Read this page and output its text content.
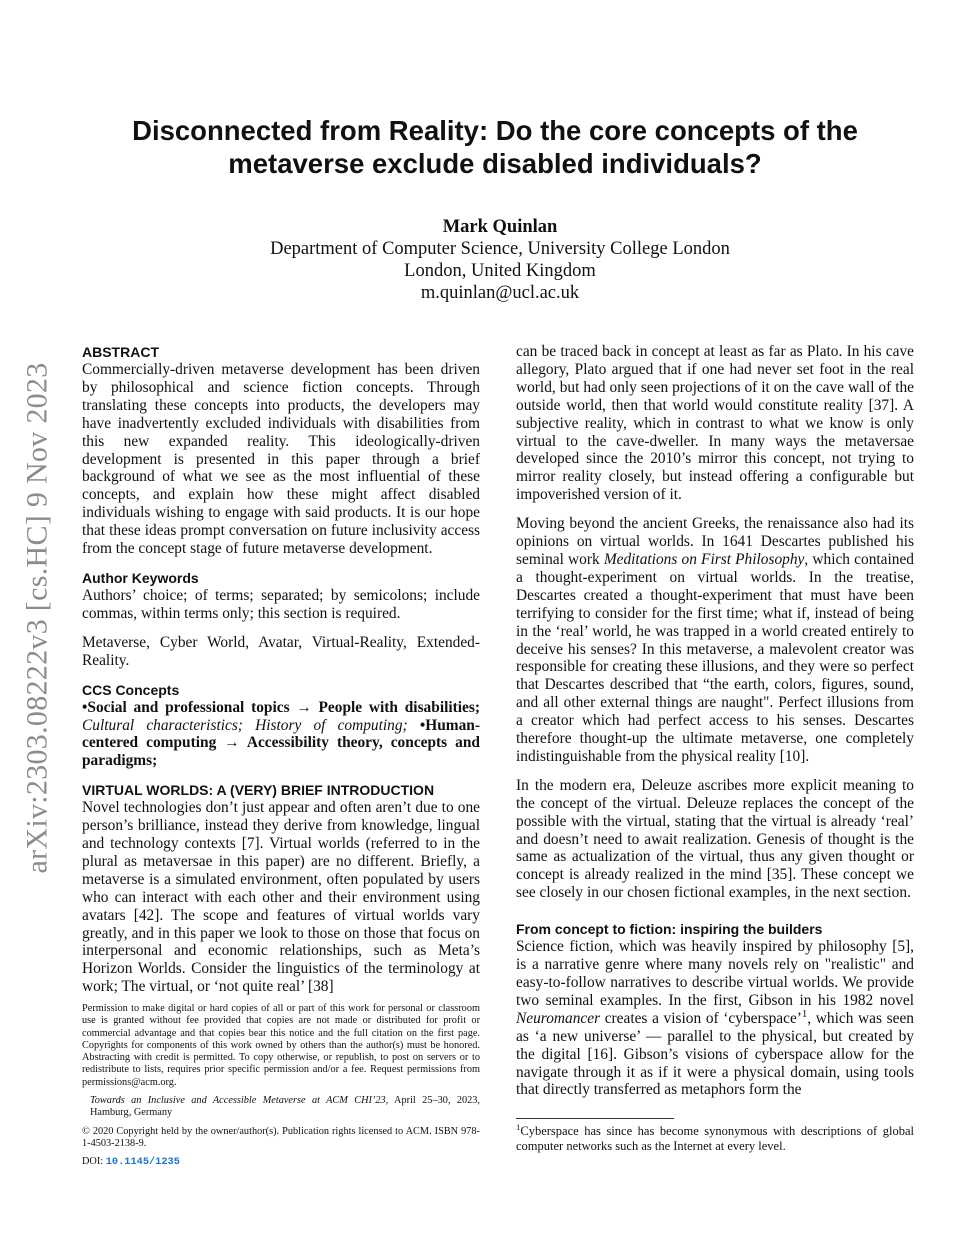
arXiv:2303.08222v3 [cs.HC] 9 Nov 2023
Disconnected from Reality: Do the core concepts of the metaverse exclude disabled individuals?
Mark Quinlan
Department of Computer Science, University College London
London, United Kingdom
m.quinlan@ucl.ac.uk
ABSTRACT

Commercially-driven metaverse development has been driven by philosophical and science fiction concepts. Through translating these concepts into products, the developers may have inadvertently excluded individuals with disabilities from this new expanded reality. This ideologically-driven development is presented in this paper through a brief background of what we see as the most influential of these concepts, and explain how these might affect disabled individuals wishing to engage with said products. It is our hope that these ideas prompt conversation on future inclusivity access from the concept stage of future metaverse development.

Author Keywords

Authors’ choice; of terms; separated; by semicolons; include commas, within terms only; this section is required.

Metaverse, Cyber World, Avatar, Virtual-Reality, Extended-Reality.

CCS Concepts

•Social and professional topics → People with disabilities; Cultural characteristics; History of computing; •Human-centered computing → Accessibility theory, concepts and paradigms;

VIRTUAL WORLDS: A (VERY) BRIEF INTRODUCTION

Novel technologies don’t just appear and often aren’t due to one person’s brilliance, instead they derive from knowledge, lingual and technology contexts [7]. Virtual worlds (referred to in the plural as metaversae in this paper) are no different. Briefly, a metaverse is a simulated environment, often populated by users who can interact with each other and their environment using avatars [42]. The scope and features of virtual worlds vary greatly, and in this paper we look to those on those that focus on interpersonal and economic relationships, such as Meta’s Horizon Worlds. Consider the linguistics of the terminology at work; The virtual, or ‘not quite real’ [38]

Permission to make digital or hard copies of all or part of this work for personal or classroom use is granted without fee provided that copies are not made or distributed for profit or commercial advantage and that copies bear this notice and the full citation on the first page. Copyrights for components of this work owned by others than the author(s) must be honored. Abstracting with credit is permitted. To copy otherwise, or republish, to post on servers or to redistribute to lists, requires prior specific permission and/or a fee. Request permissions from permissions@acm.org.

Towards an Inclusive and Accessible Metaverse at ACM CHI’23, April 25–30, 2023, Hamburg, Germany

© 2020 Copyright held by the owner/author(s). Publication rights licensed to ACM. ISBN 978-1-4503-2138-9.

DOI: 10.1145/1235

can be traced back in concept at least as far as Plato. In his cave allegory, Plato argued that if one had never set foot in the real world, but had only seen projections of it on the cave wall of the outside world, then that world would constitute reality [37]. A subjective reality, which in contrast to what we know is only virtual to the cave-dweller. In many ways the metaversae developed since the 2010’s mirror this concept, not trying to mirror reality closely, but instead offering a configurable but impoverished version of it.

Moving beyond the ancient Greeks, the renaissance also had its opinions on virtual worlds. In 1641 Descartes published his seminal work Meditations on First Philosophy, which contained a thought-experiment on virtual worlds. In the treatise, Descartes created a thought-experiment that must have been terrifying to consider for the first time; what if, instead of being in the ‘real’ world, he was trapped in a world created entirely to deceive his senses? In this metaverse, a malevolent creator was responsible for creating these illusions, and they were so perfect that Descartes described that “the earth, colors, figures, sound, and all other external things are naught". Perfect illusions from a creator which had perfect access to his senses. Descartes therefore thought-up the ultimate metaverse, one completely indistinguishable from the physical reality [10].

In the modern era, Deleuze ascribes more explicit meaning to the concept of the virtual. Deleuze replaces the concept of the possible with the virtual, stating that the virtual is already ‘real’ and doesn’t need to await realization. Genesis of thought is the same as actualization of the virtual, thus any given thought or concept is already realized in the mind [35]. These concept we see closely in our chosen fictional examples, in the next section.

From concept to fiction: inspiring the builders

Science fiction, which was heavily inspired by philosophy [5], is a narrative genre where many novels rely on "realistic" and easy-to-follow narratives to describe virtual worlds. We provide two seminal examples. In the first, Gibson in his 1982 novel Neuromancer creates a vision of ‘cyberspace’$^1$, which was seen as ‘a new universe’ — parallel to the physical, but created by the digital [16]. Gibson’s visions of cyberspace allow for the navigate through it as if it were a physical domain, using tools that directly transferred as metaphors form the

$^1$Cyberspace has since has become synonymous with descriptions of global computer networks such as the Internet at every level.
